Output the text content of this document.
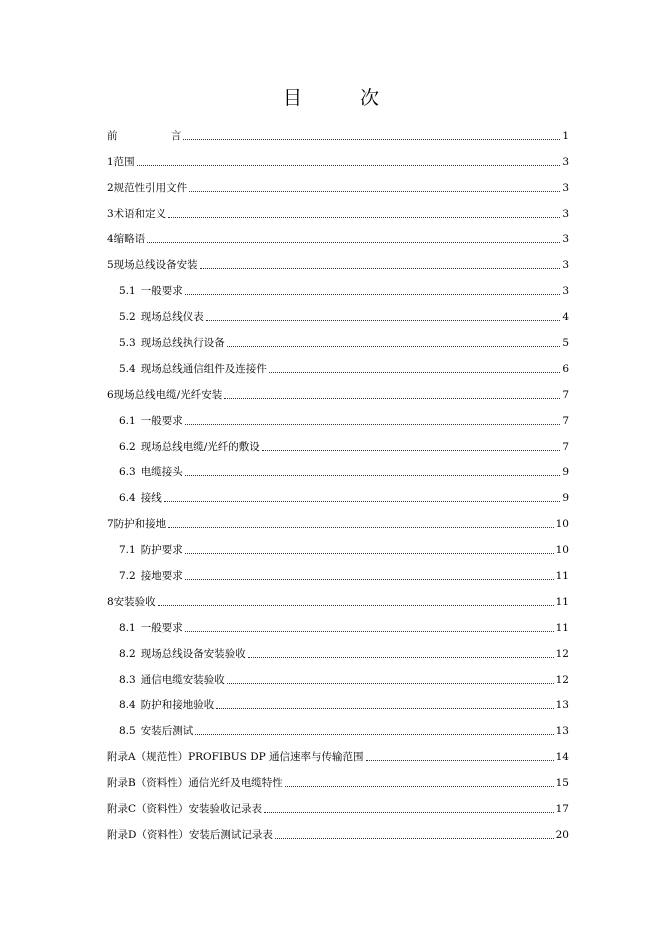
目 次
前    言	1
1范围	3
2规范性引用文件	3
3术语和定义	3
4缩略语	3
5现场总线设备安装	3
5.1 一般要求	3
5.2 现场总线仪表	4
5.3 现场总线执行设备	5
5.4 现场总线通信组件及连接件	6
6现场总线电缆/光纤安装	7
6.1 一般要求	7
6.2 现场总线电缆/光纤的敷设	7
6.3 电缆接头	9
6.4 接线	9
7防护和接地	10
7.1 防护要求	10
7.2 接地要求	11
8安装验收	11
8.1 一般要求	11
8.2 现场总线设备安装验收	12
8.3 通信电缆安装验收	12
8.4 防护和接地验收	13
8.5 安装后测试	13
附录A（规范性）PROFIBUS DP 通信速率与传输范围	14
附录B（资料性）通信光纤及电缆特性	15
附录C（资料性）安装验收记录表	17
附录D（资料性）安装后测试记录表	20
